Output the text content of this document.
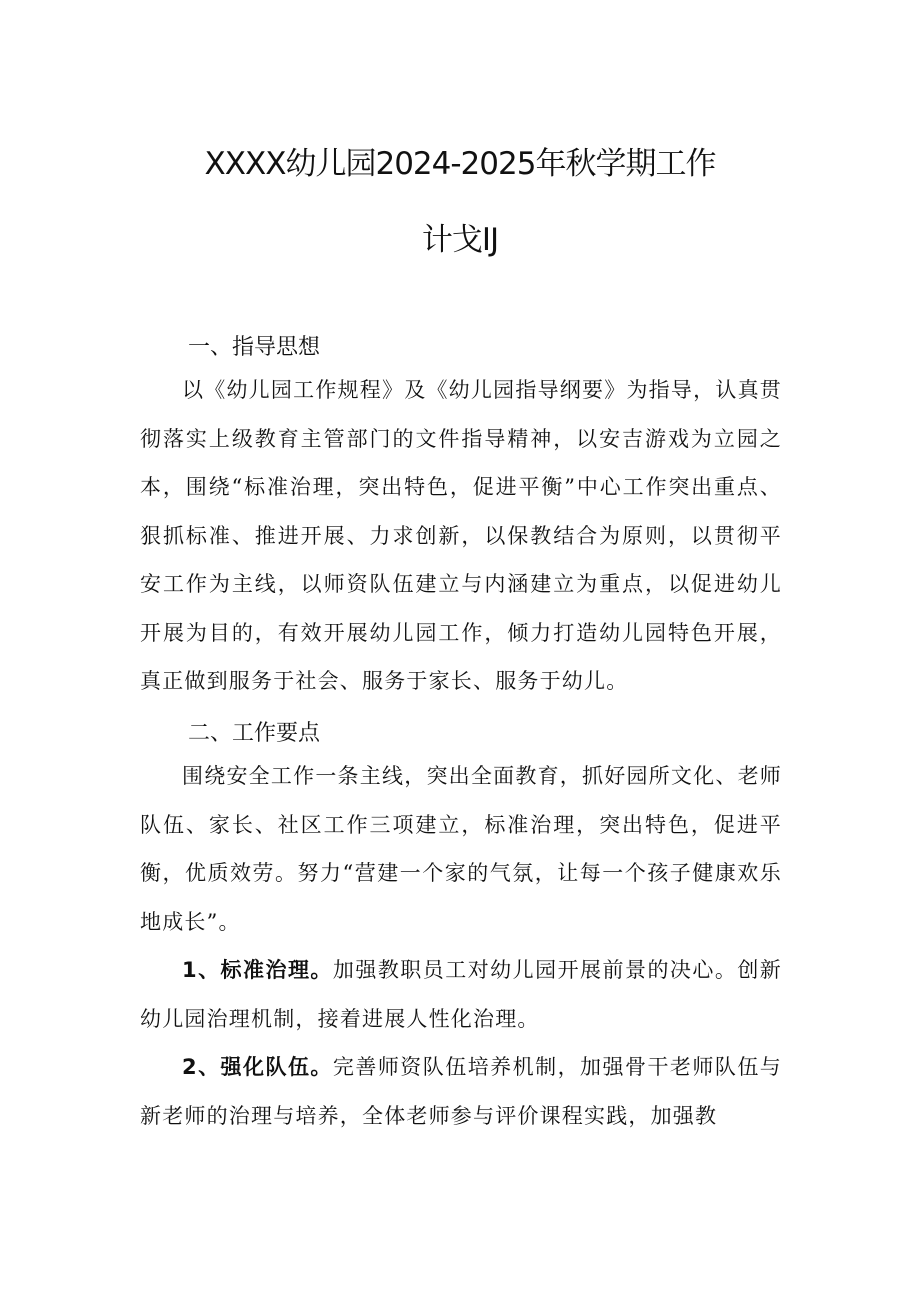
XXXX幼儿园2024-2025年秋学期工作
计戈IJ
一、指导思想
以《幼儿园工作规程》及《幼儿园指导纲要》为指导，认真贯彻落实上级教育主管部门的文件指导精神，以安吉游戏为立园之本，围绕“标准治理，突出特色，促进平衡”中心工作突出重点、狠抓标准、推进开展、力求创新，以保教结合为原则，以贯彻平安工作为主线，以师资队伍建立与内涵建立为重点，以促进幼儿开展为目的，有效开展幼儿园工作，倾力打造幼儿园特色开展，真正做到服务于社会、服务于家长、服务于幼儿。
二、工作要点
围绕安全工作一条主线，突出全面教育，抓好园所文化、老师队伍、家长、社区工作三项建立，标准治理，突出特色，促进平衡，优质效劳。努力“营建一个家的气氛，让每一个孩子健康欢乐地成长”。
1、标准治理。加强教职员工对幼儿园开展前景的决心。创新幼儿园治理机制，接着进展人性化治理。
2、强化队伍。完善师资队伍培养机制，加强骨干老师队伍与新老师的治理与培养，全体老师参与评价课程实践，加强教
